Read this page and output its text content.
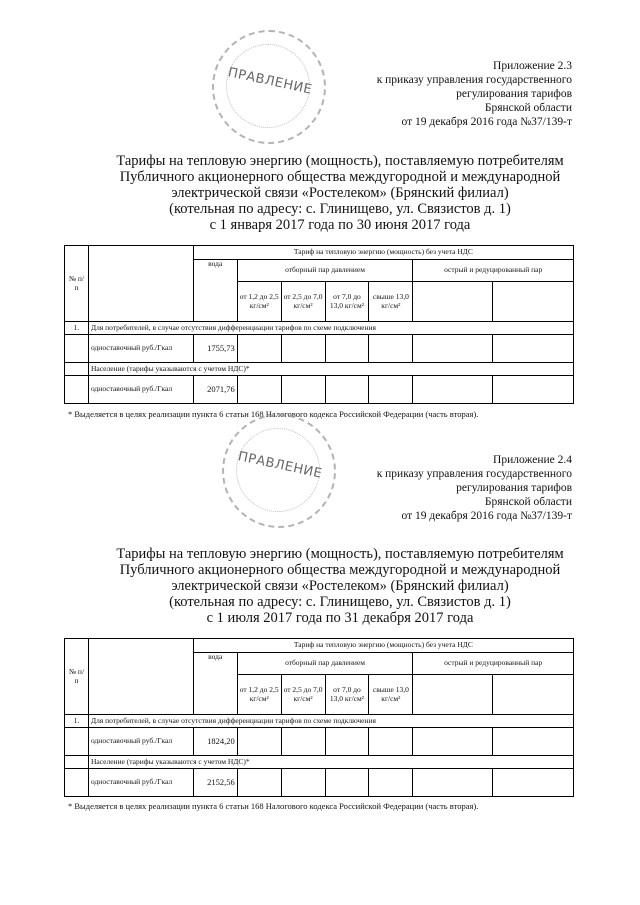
ПРАВЛЕНИЕ	Приложение 2.3
к приказу управления государственного
регулирования тарифов
Брянской области
от 19 декабря 2016 года №37/139-т
Тарифы на тепловую энергию (мощность), поставляемую потребителям
Публичного акционерного общества междугородной и международной
электрической связи «Ростелеком» (Брянский филиал)
(котельная по адресу: с. Глинищево, ул. Связистов д. 1)
с 1 января 2017 года по 30 июня 2017 года
№ п/п		Тариф на тепловую энергию (мощность) без учета НДС						
		вода	отборный пар давлением				острый и редуцированный пар	
			от 1,2 до 2,5 кг/см²	от 2,5 до 7,0 кг/см²	от 7,0 до 13,0 кг/см²	свыше 13,0 кг/см²		
1.	Для потребителей, в случае отсутствия дифференциации тарифов по схеме подключения							
	одноставочный руб./Гкал	1755,73						
	Население (тарифы указываются с учетом НДС)*							
	одноставочный руб./Гкал	2071,76						
* Выделяется в целях реализации пункта 6 статьи 168 Налогового кодекса Российской Федерации (часть вторая).
ПРАВЛЕНИЕ	Приложение 2.4
к приказу управления государственного
регулирования тарифов
Брянской области
от 19 декабря 2016 года №37/139-т
Тарифы на тепловую энергию (мощность), поставляемую потребителям
Публичного акционерного общества междугородной и международной
электрической связи «Ростелеком» (Брянский филиал)
(котельная по адресу: с. Глинищево, ул. Связистов д. 1)
с 1 июля 2017 года по 31 декабря 2017 года
№ п/п		Тариф на тепловую энергию (мощность) без учета НДС						
		вода	отборный пар давлением				острый и редуцированный пар	
			от 1,2 до 2,5 кг/см²	от 2,5 до 7,0 кг/см²	от 7,0 до 13,0 кг/см²	свыше 13,0 кг/см²		
1.	Для потребителей, в случае отсутствия дифференциации тарифов по схеме подключения							
	одноставочный руб./Гкал	1824,20						
	Население (тарифы указываются с учетом НДС)*							
	одноставочный руб./Гкал	2152,56						
* Выделяется в целях реализации пункта 6 статьи 168 Налогового кодекса Российской Федерации (часть вторая).
